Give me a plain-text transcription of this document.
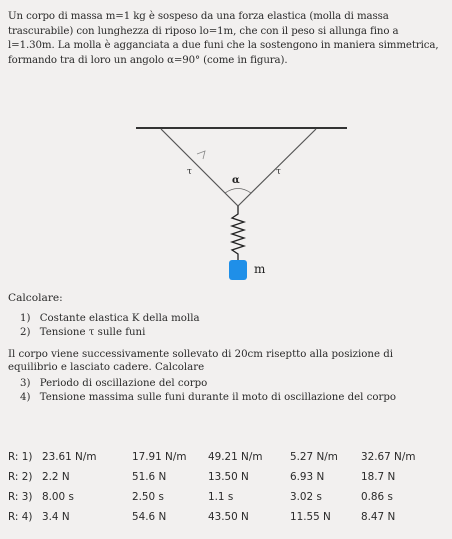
Un corpo di massa m=1 kg è sospeso da una forza elastica (molla di massa
trascurabile) con lunghezza di riposo lo=1m, che con il peso si allunga fino a
l=1.30m. La molla è agganciata a due funi che la sostengono in maniera simmetrica,
formando tra di loro un angolo α=90° (come in figura).
τ	τ
α
m
Calcolare:
1) Costante elastica K della molla
2) Tensione τ sulle funi
Il corpo viene successivamente sollevato di 20cm riseptto alla posizione di
equilibrio e lasciato cadere. Calcolare
3) Periodo di oscillazione del corpo
4) Tensione massima sulle funi durante il moto di oscillazione del corpo
R: 1) 23.61 N/m	17.91 N/m 49.21 N/m	5.27 N/m 32.67 N/m
R: 2) 2.2 N	51.6 N	13.50 N	6.93 N	18.7 N
R: 3) 8.00 s	2.50 s	1.1 s	3.02 s	0.86 s
R: 4) 3.4 N	54.6 N	43.50 N	11.55 N	8.47 N
